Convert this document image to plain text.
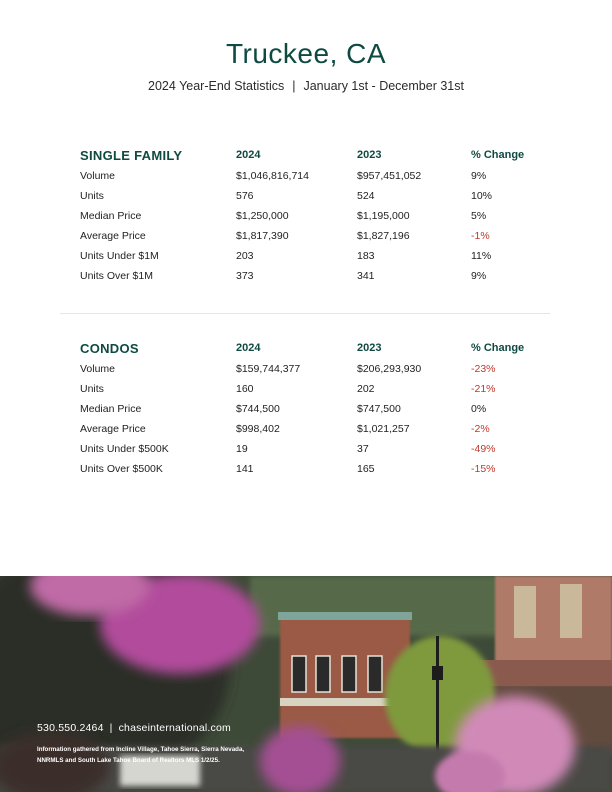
Truckee, CA
2024 Year-End Statistics | January 1st - December 31st
SINGLE FAMILY	2024	2023	% Change
Volume	$1,046,816,714	$957,451,052	9%
Units	576	524	10%
Median Price	$1,250,000	$1,195,000	5%
Average Price	$1,817,390	$1,827,196	-1%
Units Under $1M	203	183	11%
Units Over $1M	373	341	9%
CONDOS	2024	2023	% Change
Volume	$159,744,377	$206,293,930	-23%
Units	160	202	-21%
Median Price	$744,500	$747,500	0%
Average Price	$998,402	$1,021,257	-2%
Units Under $500K	19	37	-49%
Units Over $500K	141	165	-15%
530.550.2464 | chaseinternational.com
Information gathered from Incline Village, Tahoe Sierra, Sierra Nevada, NNRMLS and South Lake Tahoe Board of Realtors MLS 1/2/25.
